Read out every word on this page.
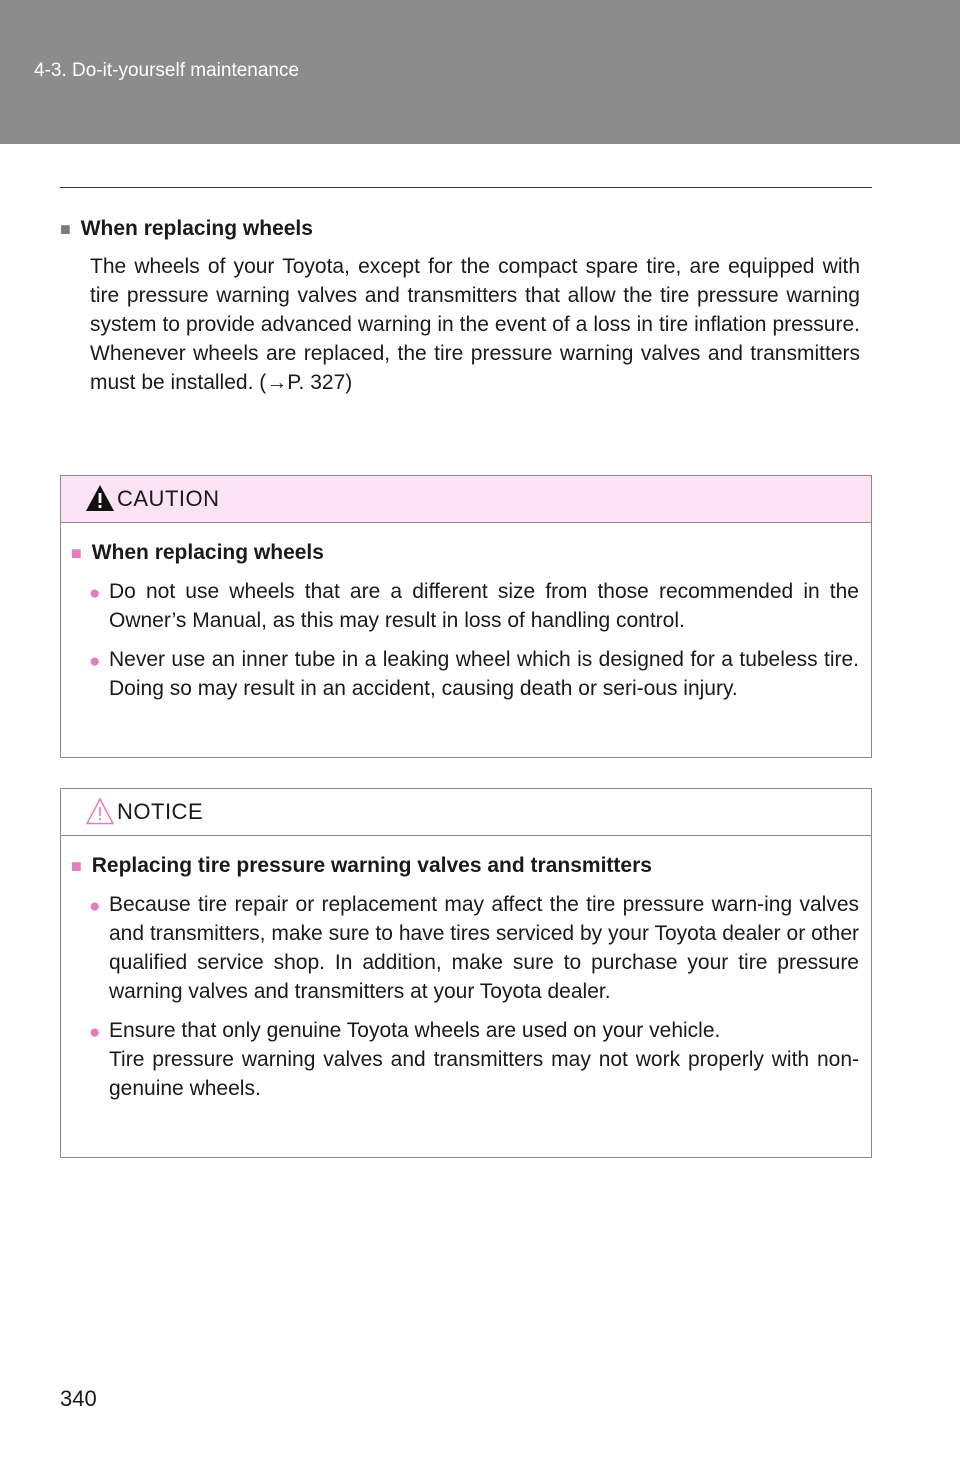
4-3. Do-it-yourself maintenance
■ When replacing wheels
The wheels of your Toyota, except for the compact spare tire, are equipped with tire pressure warning valves and transmitters that allow the tire pressure warning system to provide advanced warning in the event of a loss in tire inflation pressure. Whenever wheels are replaced, the tire pressure warning valves and transmitters must be installed. (→P. 327)
CAUTION
■ When replacing wheels
● Do not use wheels that are a different size from those recommended in the Owner’s Manual, as this may result in loss of handling control.
● Never use an inner tube in a leaking wheel which is designed for a tubeless tire. Doing so may result in an accident, causing death or seri-ous injury.
NOTICE
■ Replacing tire pressure warning valves and transmitters
● Because tire repair or replacement may affect the tire pressure warn-ing valves and transmitters, make sure to have tires serviced by your Toyota dealer or other qualified service shop. In addition, make sure to purchase your tire pressure warning valves and transmitters at your Toyota dealer.
● Ensure that only genuine Toyota wheels are used on your vehicle.
Tire pressure warning valves and transmitters may not work properly with non-genuine wheels.
340
